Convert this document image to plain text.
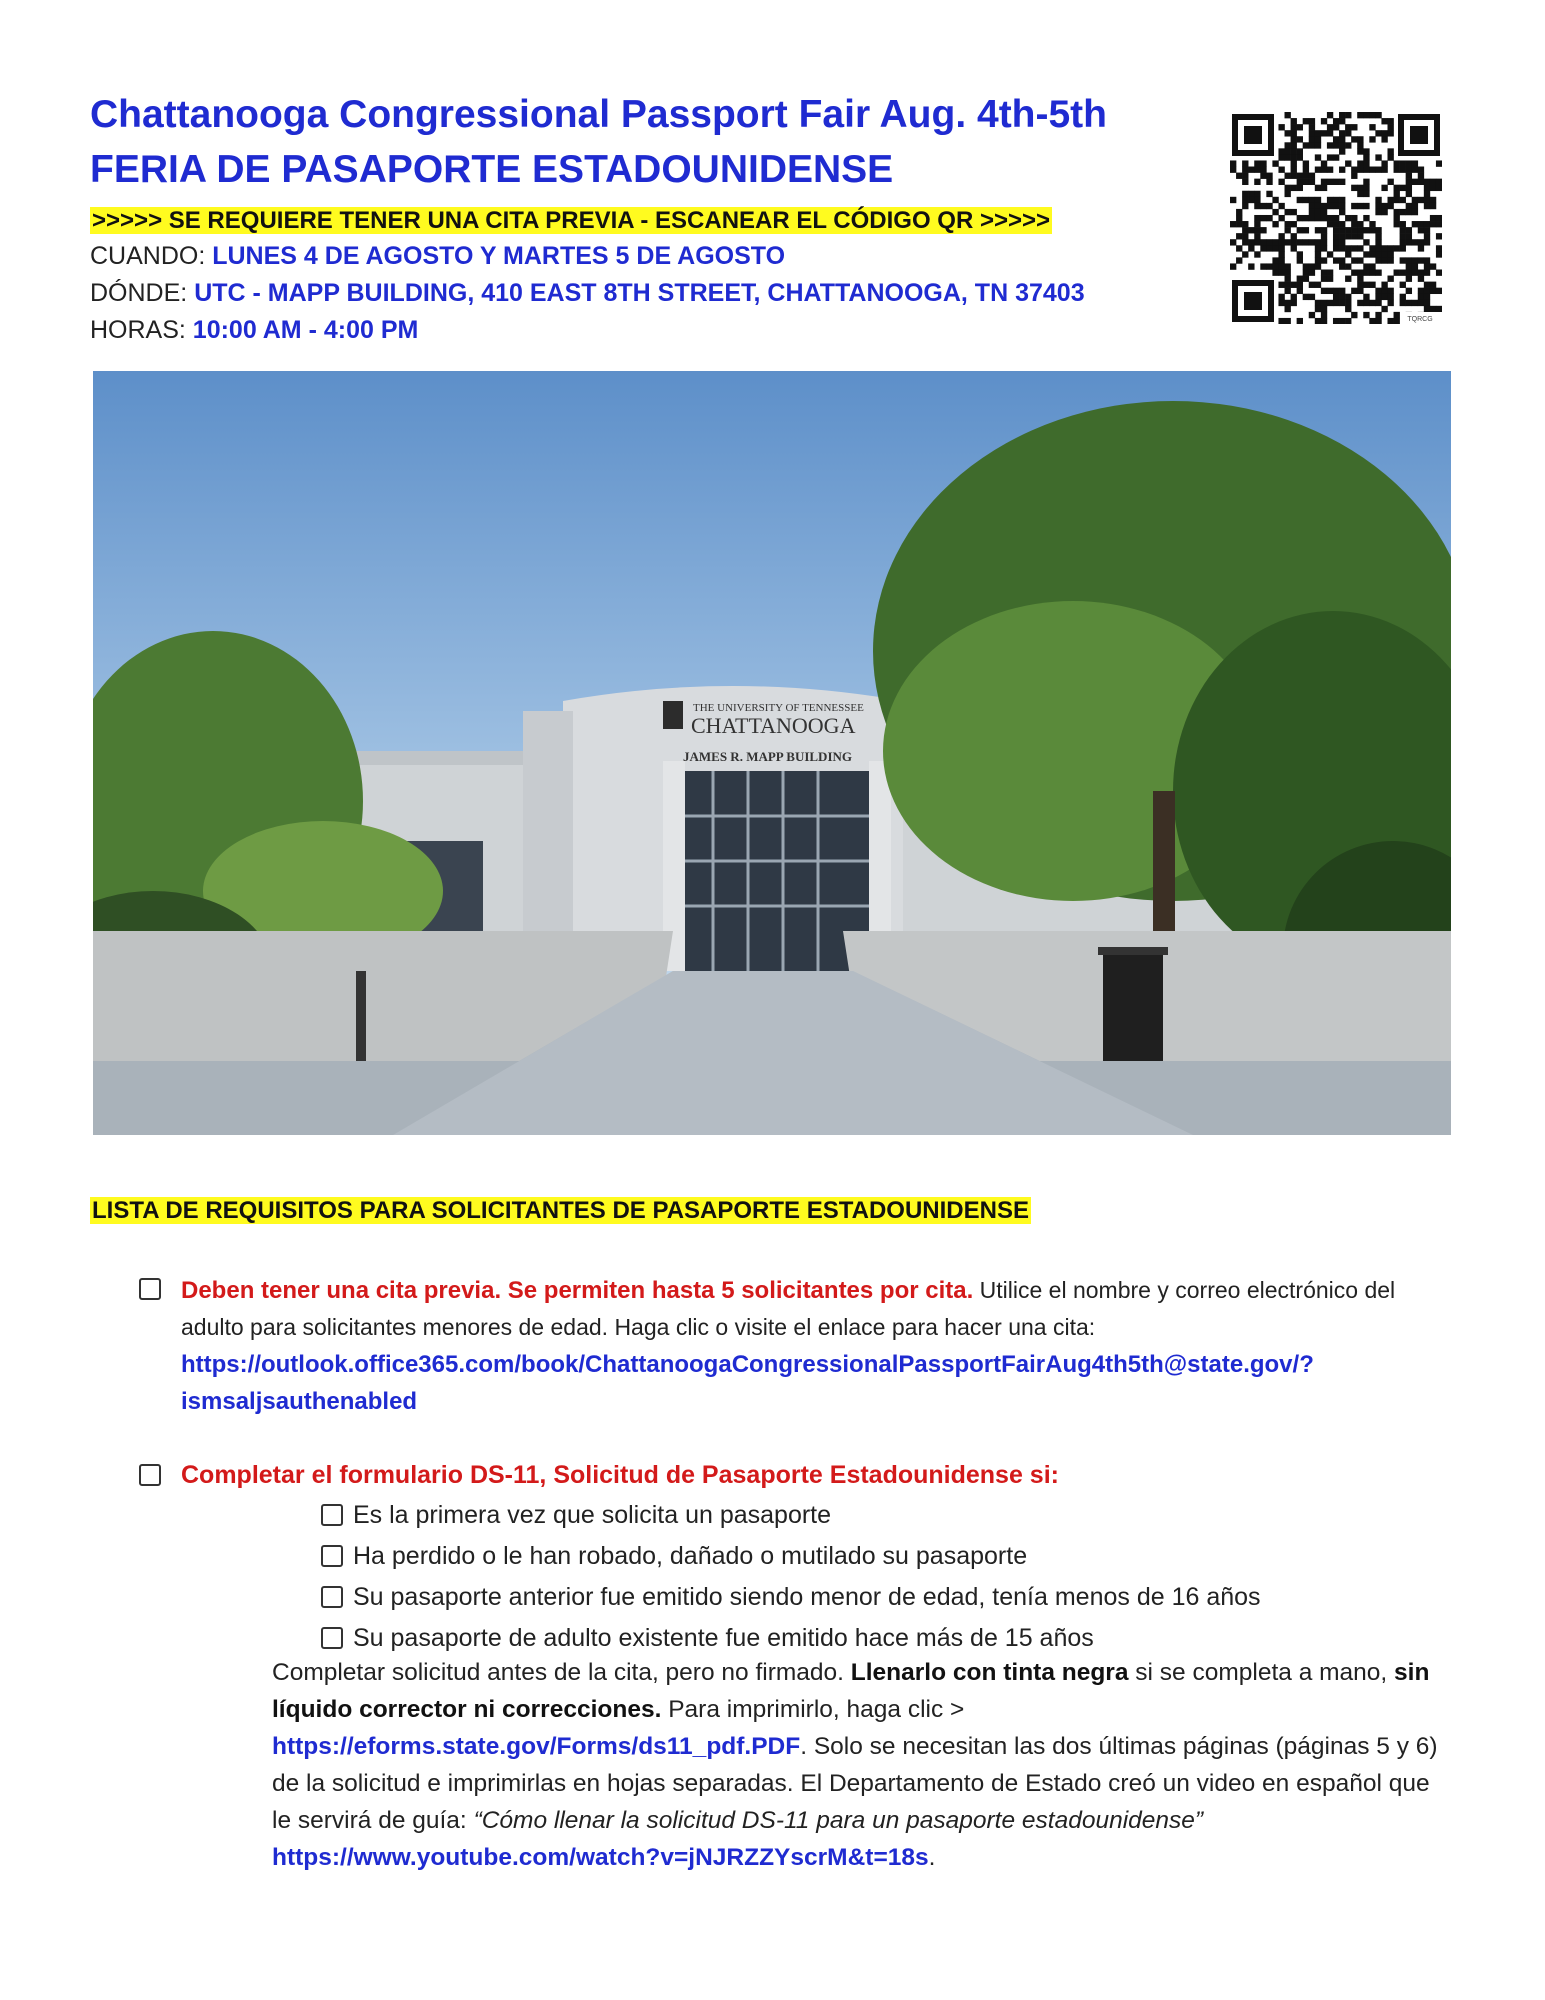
Chattanooga Congressional Passport Fair Aug. 4th-5th
FERIA DE PASAPORTE ESTADOUNIDENSE
>>>>> SE REQUIERE TENER UNA CITA PREVIA - ESCANEAR EL CÓDIGO QR >>>>>
CUANDO: LUNES 4 DE AGOSTO Y MARTES 5 DE AGOSTO
DÓNDE: UTC - MAPP BUILDING, 410 EAST 8TH STREET, CHATTANOOGA, TN 37403
HORAS: 10:00 AM - 4:00 PM	TQRCG
THE UNIVERSITY OF TENNESSEE
CHATTANOOGA
JAMES R. MAPP BUILDING
LISTA DE REQUISITOS PARA SOLICITANTES DE PASAPORTE ESTADOUNIDENSE
Deben tener una cita previa. Se permiten hasta 5 solicitantes por cita. Utilice el nombre y correo electrónico del adulto para solicitantes menores de edad. Haga clic o visite el enlace para hacer una cita: https://outlook.office365.com/book/ChattanoogaCongressionalPassportFairAug4th5th@state.gov/?ismsaljsauthenabled
Completar el formulario DS-11, Solicitud de Pasaporte Estadounidense si:
Es la primera vez que solicita un pasaporte
Ha perdido o le han robado, dañado o mutilado su pasaporte
Su pasaporte anterior fue emitido siendo menor de edad, tenía menos de 16 años
Su pasaporte de adulto existente fue emitido hace más de 15 años
Completar solicitud antes de la cita, pero no firmado. Llenarlo con tinta negra si se completa a mano, sin líquido corrector ni correcciones. Para imprimirlo, haga clic > https://eforms.state.gov/Forms/ds11_pdf.PDF. Solo se necesitan las dos últimas páginas (páginas 5 y 6) de la solicitud e imprimirlas en hojas separadas. El Departamento de Estado creó un video en español que le servirá de guía: “Cómo llenar la solicitud DS-11 para un pasaporte estadounidense” https://www.youtube.com/watch?v=jNJRZZYscrM&t=18s.
